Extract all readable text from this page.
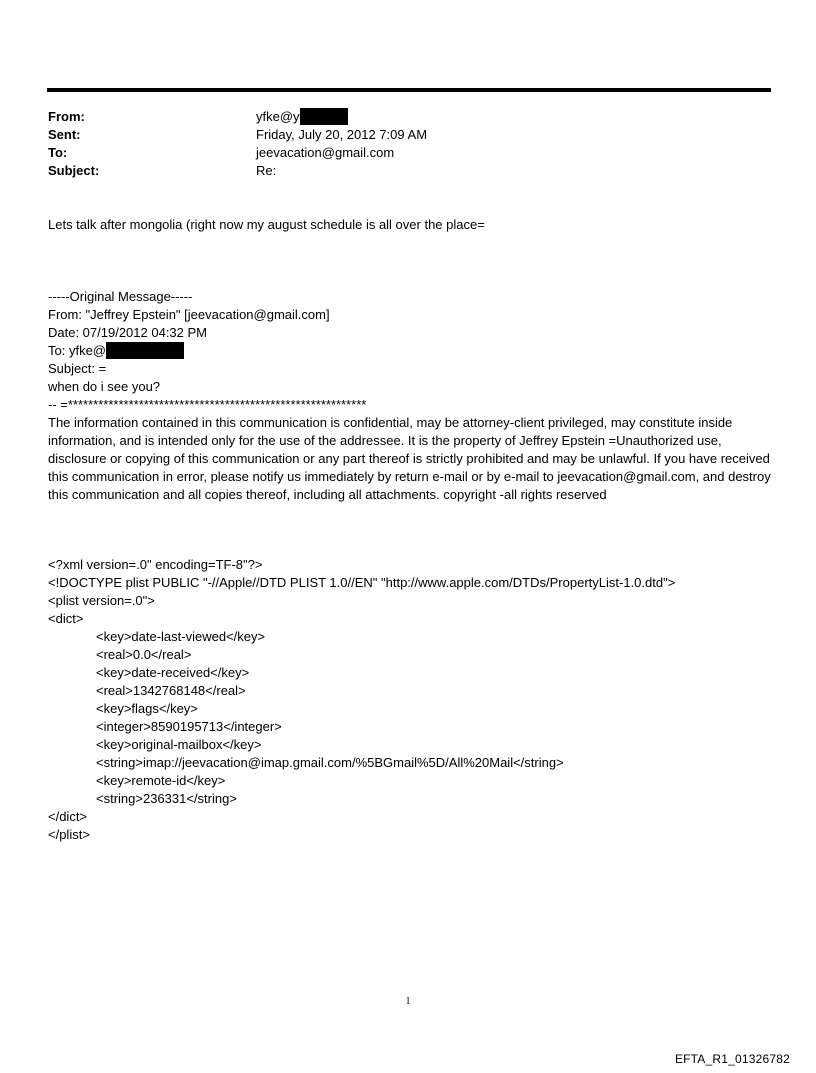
From:	yfke@y
Sent:	Friday, July 20, 2012 7:09 AM
To:	jeevacation@gmail.com
Subject:	Re:
Lets talk after mongolia (right now my august schedule is all over the place=
-----Original Message-----
From: "Jeffrey Epstein" [jeevacation@gmail.com]
Date: 07/19/2012 04:32 PM
To: yfke@
Subject: =
when do i see you?
-- =***********************************************************
The information contained in this communication is confidential, may be attorney-client privileged, may constitute inside information, and is intended only for the use of the addressee. It is the property of Jeffrey Epstein =Unauthorized use, disclosure or copying of this communication or any part thereof is strictly prohibited and may be unlawful. If you have received this communication in error, please notify us immediately by return e-mail or by e-mail to jeevacation@gmail.com, and destroy this communication and all copies thereof, including all attachments. copyright -all rights reserved
<?xml version=.0" encoding=TF-8"?>
<!DOCTYPE plist PUBLIC "-//Apple//DTD PLIST 1.0//EN" "http://www.apple.com/DTDs/PropertyList-1.0.dtd">
<plist version=.0">
<dict>
<key>date-last-viewed</key>
<real>0.0</real>
<key>date-received</key>
<real>1342768148</real>
<key>flags</key>
<integer>8590195713</integer>
<key>original-mailbox</key>
<string>imap://jeevacation@imap.gmail.com/%5BGmail%5D/All%20Mail</string>
<key>remote-id</key>
<string>236331</string>
</dict>
</plist>
1
EFTA_R1_01326782
